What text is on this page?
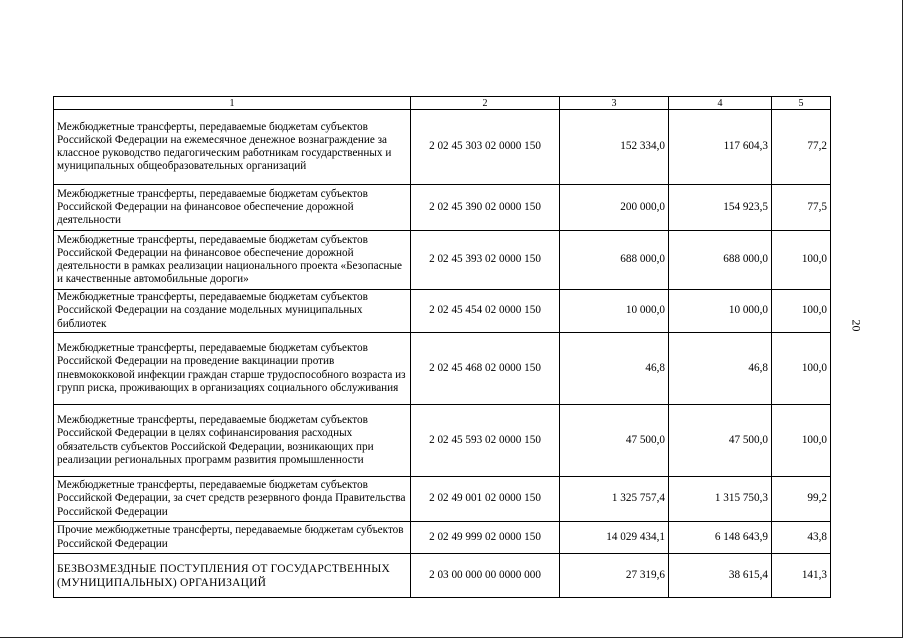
1	2	3	4	5
Межбюджетные трансферты, передаваемые бюджетам субъектов Российской Федерации на ежемесячное денежное вознаграждение за классное руководство педагогическим работникам государственных и муниципальных общеобразовательных организаций	2 02 45 303 02 0000 150	152 334,0	117 604,3	77,2
Межбюджетные трансферты, передаваемые бюджетам субъектов Российской Федерации на финансовое обеспечение дорожной деятельности	2 02 45 390 02 0000 150	200 000,0	154 923,5	77,5
Межбюджетные трансферты, передаваемые бюджетам субъектов Российской Федерации на финансовое обеспечение дорожной деятельности в рамках реализации национального проекта «Безопасные и качественные автомобильные дороги»	2 02 45 393 02 0000 150	688 000,0	688 000,0	100,0
Межбюджетные трансферты, передаваемые бюджетам субъектов Российской Федерации на создание модельных муниципальных библиотек	2 02 45 454 02 0000 150	10 000,0	10 000,0	100,0
Межбюджетные трансферты, передаваемые бюджетам субъектов Российской Федерации на проведение вакцинации против пневмококковой инфекции граждан старше трудоспособного возраста из групп риска, проживающих в организациях социального обслуживания	2 02 45 468 02 0000 150	46,8	46,8	100,0
Межбюджетные трансферты, передаваемые бюджетам субъектов Российской Федерации в целях софинансирования расходных обязательств субъектов Российской Федерации, возникающих при реализации региональных программ развития промышленности	2 02 45 593 02 0000 150	47 500,0	47 500,0	100,0
Межбюджетные трансферты, передаваемые бюджетам субъектов Российской Федерации, за счет средств резервного фонда Правительства Российской Федерации	2 02 49 001 02 0000 150	1 325 757,4	1 315 750,3	99,2
Прочие межбюджетные трансферты, передаваемые бюджетам субъектов Российской Федерации	2 02 49 999 02 0000 150	14 029 434,1	6 148 643,9	43,8
БЕЗВОЗМЕЗДНЫЕ ПОСТУПЛЕНИЯ ОТ ГОСУДАРСТВЕННЫХ (МУНИЦИПАЛЬНЫХ) ОРГАНИЗАЦИЙ	2 03 00 000 00 0000 000	27 319,6	38 615,4	141,3
20
